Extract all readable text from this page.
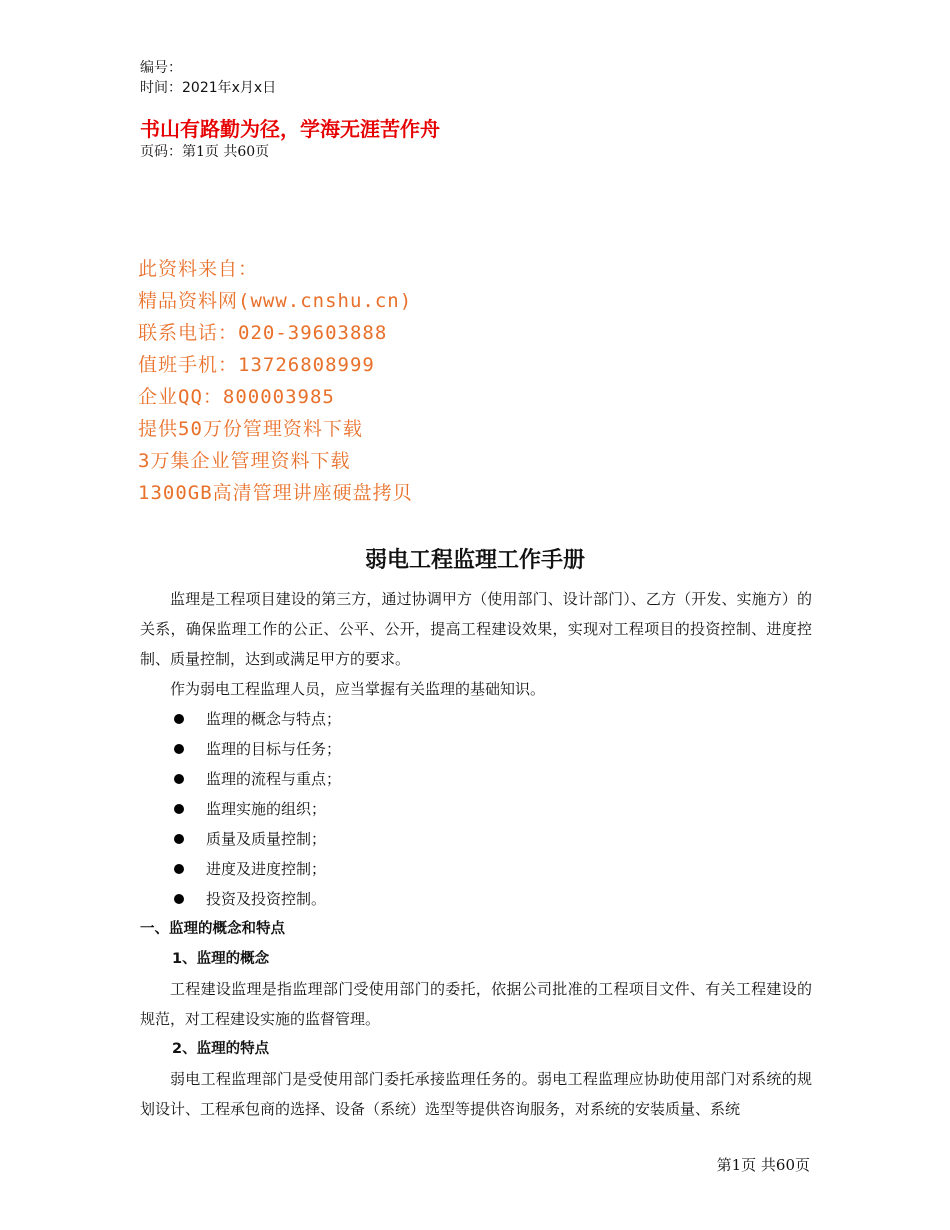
编号：
时间：2021年x月x日
书山有路勤为径，学海无涯苦作舟
页码：第1页 共60页
此资料来自：
精品资料网(www.cnshu.cn)
联系电话：020-39603888
值班手机：13726808999
企业QQ：800003985
提供50万份管理资料下载
3万集企业管理资料下载
1300GB高清管理讲座硬盘拷贝
弱电工程监理工作手册

监理是工程项目建设的第三方，通过协调甲方（使用部门、设计部门）、乙方（开发、实施方）的关系，确保监理工作的公正、公平、公开，提高工程建设效果，实现对工程项目的投资控制、进度控制、质量控制，达到或满足甲方的要求。

作为弱电工程监理人员，应当掌握有关监理的基础知识。

监理的概念与特点；
监理的目标与任务；
监理的流程与重点；
监理实施的组织；
质量及质量控制；
进度及进度控制；
投资及投资控制。

一、监理的概念和特点

1、监理的概念

工程建设监理是指监理部门受使用部门的委托，依据公司批准的工程项目文件、有关工程建设的规范，对工程建设实施的监督管理。

2、监理的特点

弱电工程监理部门是受使用部门委托承接监理任务的。弱电工程监理应协助使用部门对系统的规划设计、工程承包商的选择、设备（系统）选型等提供咨询服务，对系统的安装质量、系统

第1页 共60页
